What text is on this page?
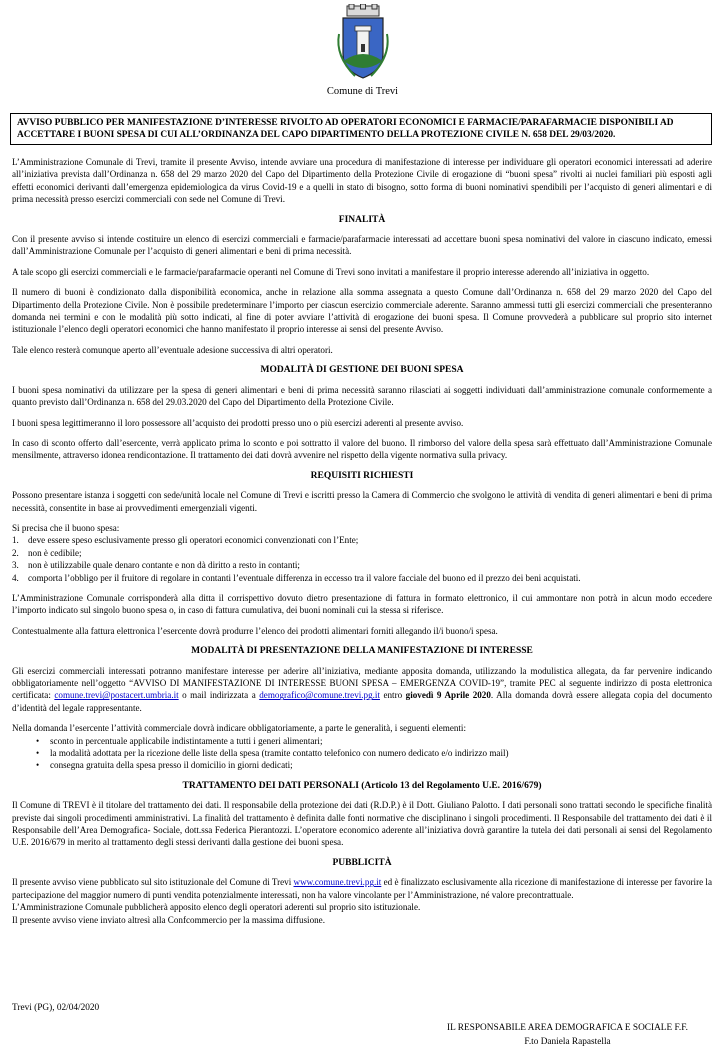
Comune di Trevi
AVVISO PUBBLICO PER MANIFESTAZIONE D’INTERESSE RIVOLTO AD OPERATORI ECONOMICI E FARMACIE/PARAFARMACIE DISPONIBILI AD ACCETTARE I BUONI SPESA DI CUI ALL’ORDINANZA DEL CAPO DIPARTIMENTO DELLA PROTEZIONE CIVILE N. 658 DEL 29/03/2020.

L’Amministrazione Comunale di Trevi, tramite il presente Avviso, intende avviare una procedura di manifestazione di interesse per individuare gli operatori economici interessati ad aderire all’iniziativa prevista dall’Ordinanza n. 658 del 29 marzo 2020 del Capo del Dipartimento della Protezione Civile di erogazione di “buoni spesa” rivolti ai nuclei familiari più esposti agli effetti economici derivanti dall’emergenza epidemiologica da virus Covid-19 e a quelli in stato di bisogno, sotto forma di buoni nominativi spendibili per l’acquisto di generi alimentari e di prima necessità presso esercizi commerciali con sede nel Comune di Trevi.

FINALITÀ

Con il presente avviso si intende costituire un elenco di esercizi commerciali e farmacie/parafarmacie interessati ad accettare buoni spesa nominativi del valore in ciascuno indicato, emessi dall’Amministrazione Comunale per l’acquisto di generi alimentari e beni di prima necessità.

A tale scopo gli esercizi commerciali e le farmacie/parafarmacie operanti nel Comune di Trevi sono invitati a manifestare il proprio interesse aderendo all’iniziativa in oggetto.

Il numero di buoni è condizionato dalla disponibilità economica, anche in relazione alla somma assegnata a questo Comune dall’Ordinanza n. 658 del 29 marzo 2020 del Capo del Dipartimento della Protezione Civile. Non è possibile predeterminare l’importo per ciascun esercizio commerciale aderente. Saranno ammessi tutti gli esercizi commerciali che presenteranno domanda nei termini e con le modalità più sotto indicati, al fine di poter avviare l’attività di erogazione dei buoni spesa. Il Comune provvederà a pubblicare sul proprio sito internet istituzionale l’elenco degli operatori economici che hanno manifestato il proprio interesse ai sensi del presente Avviso.

Tale elenco resterà comunque aperto all’eventuale adesione successiva di altri operatori.

MODALITÀ DI GESTIONE DEI BUONI SPESA

I buoni spesa nominativi da utilizzare per la spesa di generi alimentari e beni di prima necessità saranno rilasciati ai soggetti individuati dall’amministrazione comunale conformemente a quanto previsto dall’Ordinanza n. 658 del 29.03.2020 del Capo del Dipartimento della Protezione Civile.

I buoni spesa legittimeranno il loro possessore all’acquisto dei prodotti presso uno o più esercizi aderenti al presente avviso.

In caso di sconto offerto dall’esercente, verrà applicato prima lo sconto e poi sottratto il valore del buono. Il rimborso del valore della spesa sarà effettuato dall’Amministrazione Comunale mensilmente, attraverso idonea rendicontazione. Il trattamento dei dati dovrà avvenire nel rispetto della vigente normativa sulla privacy.

REQUISITI RICHIESTI

Possono presentare istanza i soggetti con sede/unità locale nel Comune di Trevi e iscritti presso la Camera di Commercio che svolgono le attività di vendita di generi alimentari e beni di prima necessità, consentite in base ai provvedimenti emergenziali vigenti.

Si precisa che il buono spesa:
1. deve essere speso esclusivamente presso gli operatori economici convenzionati con l’Ente;
2. non è cedibile;
3. non è utilizzabile quale denaro contante e non dà diritto a resto in contanti;
4. comporta l’obbligo per il fruitore di regolare in contanti l’eventuale differenza in eccesso tra il valore facciale del buono ed il prezzo dei beni acquistati.

L’Amministrazione Comunale corrisponderà alla ditta il corrispettivo dovuto dietro presentazione di fattura in formato elettronico, il cui ammontare non potrà in alcun modo eccedere l’importo indicato sul singolo buono spesa o, in caso di fattura cumulativa, dei buoni nominali cui la stessa si riferisce.

Contestualmente alla fattura elettronica l’esercente dovrà produrre l’elenco dei prodotti alimentari forniti allegando il/i buono/i spesa.

MODALITÀ DI PRESENTAZIONE DELLA MANIFESTAZIONE DI INTERESSE

Gli esercizi commerciali interessati potranno manifestare interesse per aderire all’iniziativa, mediante apposita domanda, utilizzando la modulistica allegata, da far pervenire indicando obbligatoriamente nell’oggetto “AVVISO DI MANIFESTAZIONE DI INTERESSE BUONI SPESA – EMERGENZA COVID-19”, tramite PEC al seguente indirizzo di posta elettronica certificata: comune.trevi@postacert.umbria.it o mail indirizzata a demografico@comune.trevi.pg.it entro giovedì 9 Aprile 2020. Alla domanda dovrà essere allegata copia del documento d’identità del legale rappresentante.

Nella domanda l’esercente l’attività commerciale dovrà indicare obbligatoriamente, a parte le generalità, i seguenti elementi:
• sconto in percentuale applicabile indistintamente a tutti i generi alimentari;
• la modalità adottata per la ricezione delle liste della spesa (tramite contatto telefonico con numero dedicato e/o indirizzo mail)
• consegna gratuita della spesa presso il domicilio in giorni dedicati;
TRATTAMENTO DEI DATI PERSONALI (Articolo 13 del Regolamento U.E. 2016/679)

Il Comune di TREVI è il titolare del trattamento dei dati. Il responsabile della protezione dei dati (R.D.P.) è il Dott. Giuliano Palotto. I dati personali sono trattati secondo le specifiche finalità previste dai singoli procedimenti amministrativi. La finalità del trattamento è definita dalle fonti normative che disciplinano i singoli procedimenti. Il Responsabile del trattamento dei dati è il Responsabile dell’Area Demografica- Sociale, dott.ssa Federica Pierantozzi. L’operatore economico aderente all’iniziativa dovrà garantire la tutela dei dati personali ai sensi del Regolamento U.E. 2016/679 in merito al trattamento degli stessi derivanti dalla gestione dei buoni spesa.

PUBBLICITÀ
Il presente avviso viene pubblicato sul sito istituzionale del Comune di Trevi www.comune.trevi.pg.it ed è finalizzato esclusivamente alla ricezione di manifestazione di interesse per favorire la partecipazione del maggior numero di punti vendita potenzialmente interessati, non ha valore vincolante per l’Amministrazione, né valore precontrattuale.
L’Amministrazione Comunale pubblicherà apposito elenco degli operatori aderenti sul proprio sito istituzionale.
Il presente avviso viene inviato altresì alla Confcommercio per la massima diffusione.
Trevi (PG), 02/04/2020
IL RESPONSABILE AREA DEMOGRAFICA E SOCIALE F.F.
F.to Daniela Rapastella
